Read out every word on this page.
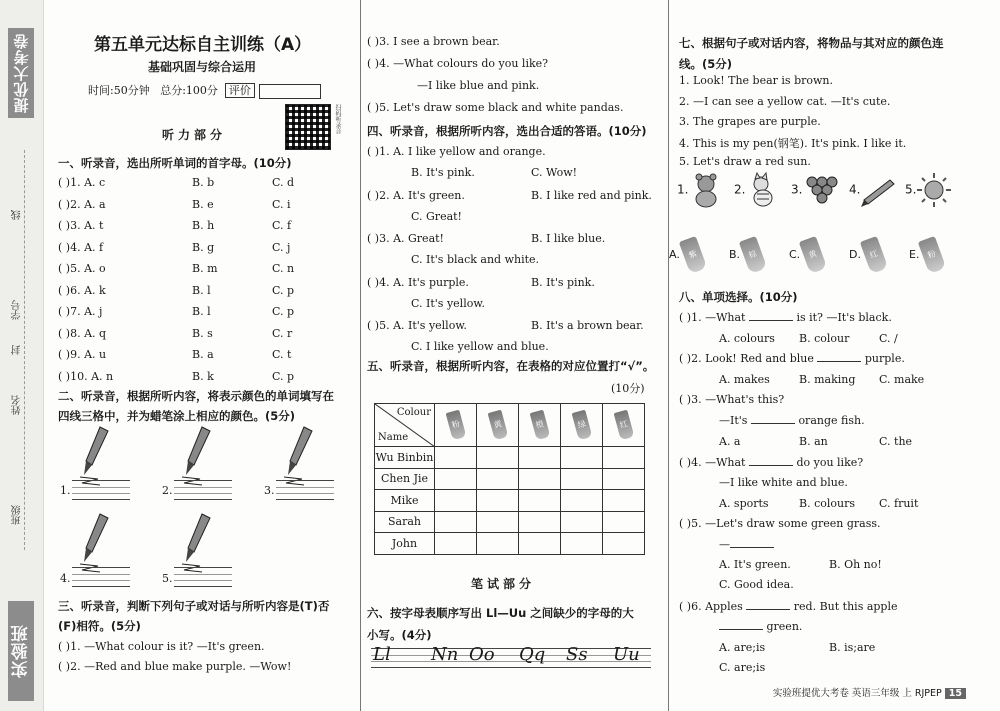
提优大考卷
学号
封
姓名
线
班级
实验班
第五单元达标自主训练（A）
基础巩固与综合运用
时间:50分钟 总分:100分 评价
扫码听录音
听力部分
一、听录音，选出所听单词的首字母。(10分)
( )1. A. c	B. b	C. d
( )2. A. a	B. e	C. i
( )3. A. t	B. h	C. f
( )4. A. f	B. g	C. j
( )5. A. o	B. m	C. n
( )6. A. k	B. l	C. p
( )7. A. j	B. l	C. p
( )8. A. q	B. s	C. r
( )9. A. u	B. a	C. t
( )10. A. n	B. k	C. p
二、听录音，根据所听内容，将表示颜色的单词填写在
四线三格中，并为蜡笔涂上相应的颜色。(5分)
1.	2.	3.
4.	5.
三、听录音，判断下列句子或对话与所听内容是(T)否
(F)相符。(5分)
( )1. —What colour is it? —It's green.
( )2. —Red and blue make purple. —Wow!
( )3. I see a brown bear.
( )4. —What colours do you like?
—I like blue and pink.
( )5. Let's draw some black and white pandas.
四、听录音，根据所听内容，选出合适的答语。(10分)
( )1. A. I like yellow and orange.
B. It's pink.	C. Wow!
( )2. A. It's green.	B. I like red and pink.
C. Great!
( )3. A. Great!	B. I like blue.
C. It's black and white.
( )4. A. It's purple.	B. It's pink.
C. It's yellow.
( )5. A. It's yellow.	B. It's a brown bear.
C. I like yellow and blue.
五、听录音，根据所听内容，在表格的对应位置打“√”。
(10分)
笔试部分
六、按字母表顺序写出 Ll—Uu 之间缺少的字母的大
小写。(4分)
Ll Nn Oo Qq Ss Uu
Colour
Name	粉	黄	橙	绿	红
Wu Binbin					
Chen Jie					
Mike					
Sarah					
John					
七、根据句子或对话内容，将物品与其对应的颜色连
线。(5分)
1. Look! The bear is brown.
2. —I can see a yellow cat. —It's cute.
3. The grapes are purple.
4. This is my pen(钢笔). It's pink. I like it.
5. Let's draw a red sun.
1.	2.	3.	4.	5.
A. 紫	B. 棕	C. 黄	D. 红	E. 粉
八、单项选择。(10分)
( )1. —What	is it? —It's black.
A. colours B. colour	C. /
( )2. Look! Red and blue	purple.
A. makes	B. making C. make
( )3. —What's this?
—It's	orange fish.
A. a	B. an	C. the
( )4. —What	do you like?
—I like white and blue.
A. sports	B. colours C. fruit
( )5. —Let's draw some green grass.
—
A. It's green.	B. Oh no!
C. Good idea.
( )6. Apples	red. But this apple
green.
A. are;is	B. is;are
C. are;is
实验班提优大考卷 英语三年级 上 RJPEP 15
